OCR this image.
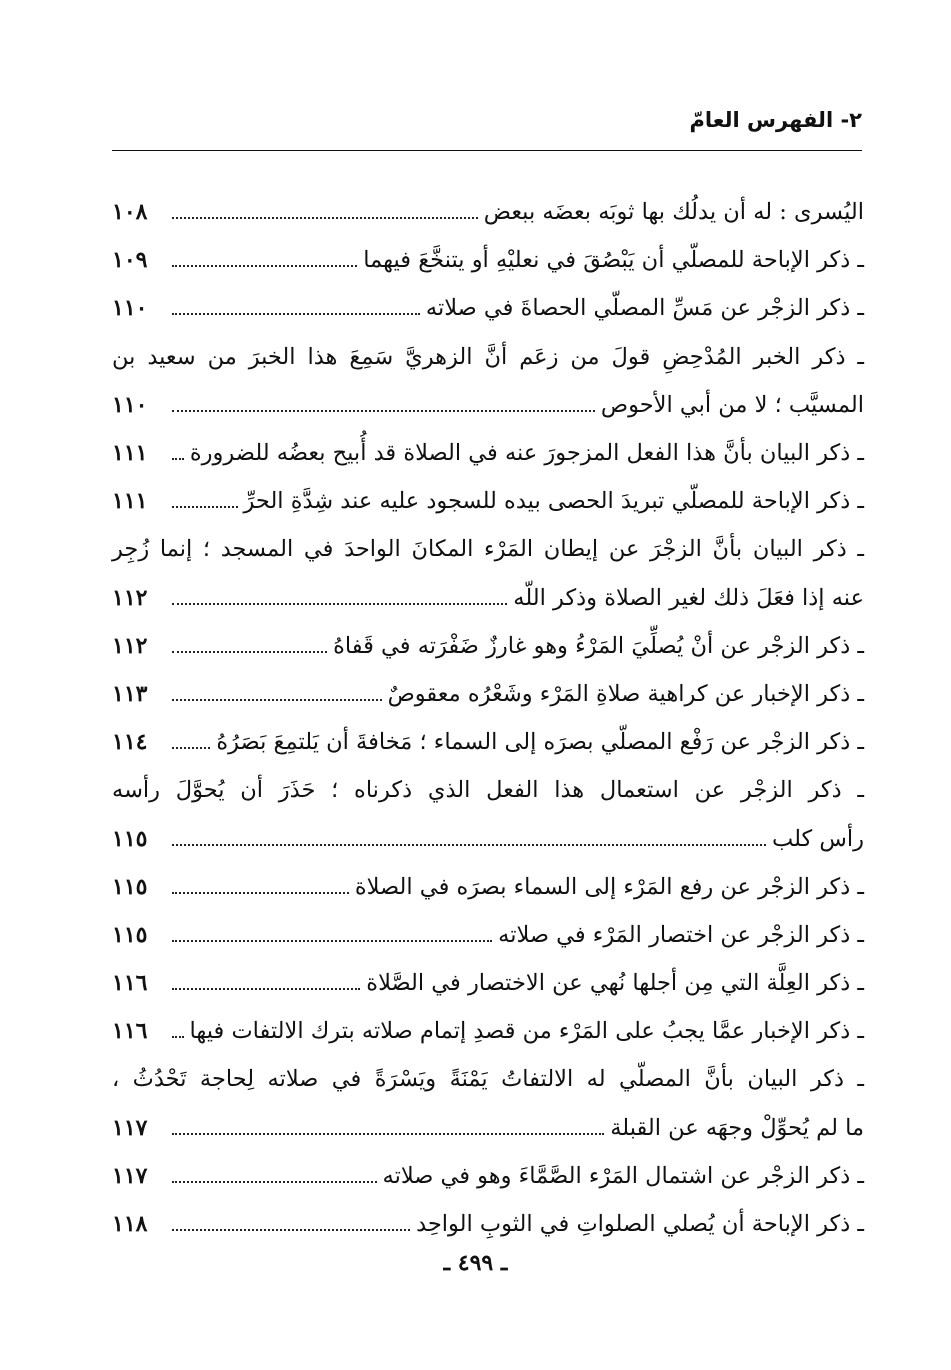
٢- الفهرس العامّ
اليُسرى : له أن يدلُك بها ثوبَه بعضَه ببعض
١٠٨
ـ ذكر الإباحة للمصلّي أن يَبْصُقَ في نعليْهِ أو يتنخَّعَ فيهما
١٠٩
ـ ذكر الزجْر عن مَسِّ المصلّي الحصاةَ في صلاته
١١٠
ـ ذكر الخبر المُدْحِضِ قولَ من زعَم أنَّ الزهريَّ سَمِعَ هذا الخبرَ من سعيد بن
المسيَّب ؛ لا من أبي الأحوص
١١٠
ـ ذكر البيان بأنَّ هذا الفعل المزجورَ عنه في الصلاة قد أُبيح بعضُه للضرورة
١١١
ـ ذكر الإباحة للمصلّي تبريدَ الحصى بيده للسجود عليه عند شِدَّةِ الحرِّ
١١١
ـ ذكر البيان بأنَّ الزجْرَ عن إيطان المَرْء المكانَ الواحدَ في المسجد ؛ إنما زُجِر
عنه إذا فعَلَ ذلك لغير الصلاة وذكر اللّه
١١٢
ـ ذكر الزجْر عن أنْ يُصلِّيَ المَرْءُ وهو غارزٌ ضَفْرَته في قَفاهُ
١١٢
ـ ذكر الإخبار عن كراهية صلاةِ المَرْء وشَعْرُه معقوصٌ
١١٣
ـ ذكر الزجْر عن رَفْع المصلّي بصرَه إلى السماء ؛ مَخافةَ أن يَلتمِعَ بَصَرُهُ
١١٤
ـ ذكر الزجْر عن استعمال هذا الفعل الذي ذكرناه ؛ حَذَرَ أن يُحوَّلَ رأسه
رأس كلب
١١٥
ـ ذكر الزجْر عن رفع المَرْء إلى السماء بصرَه في الصلاة
١١٥
ـ ذكر الزجْر عن اختصار المَرْء في صلاته
١١٥
ـ ذكر العِلَّة التي مِن أجلها نُهي عن الاختصار في الصَّلاة
١١٦
ـ ذكر الإخبار عمَّا يجبُ على المَرْء من قصدِ إتمام صلاته بترك الالتفات فيها
١١٦
ـ ذكر البيان بأنَّ المصلّي له الالتفاتُ يَمْنَةً ويَسْرَةً في صلاته لِحاجة تَحْدُثُ ،
ما لم يُحوِّلْ وجهَه عن القبلة
١١٧
ـ ذكر الزجْر عن اشتمال المَرْء الصَّمَّاءَ وهو في صلاته
١١٧
ـ ذكر الإباحة أن يُصلي الصلواتِ في الثوبِ الواحِد
١١٨
ـ ٤٩٩ ـ
